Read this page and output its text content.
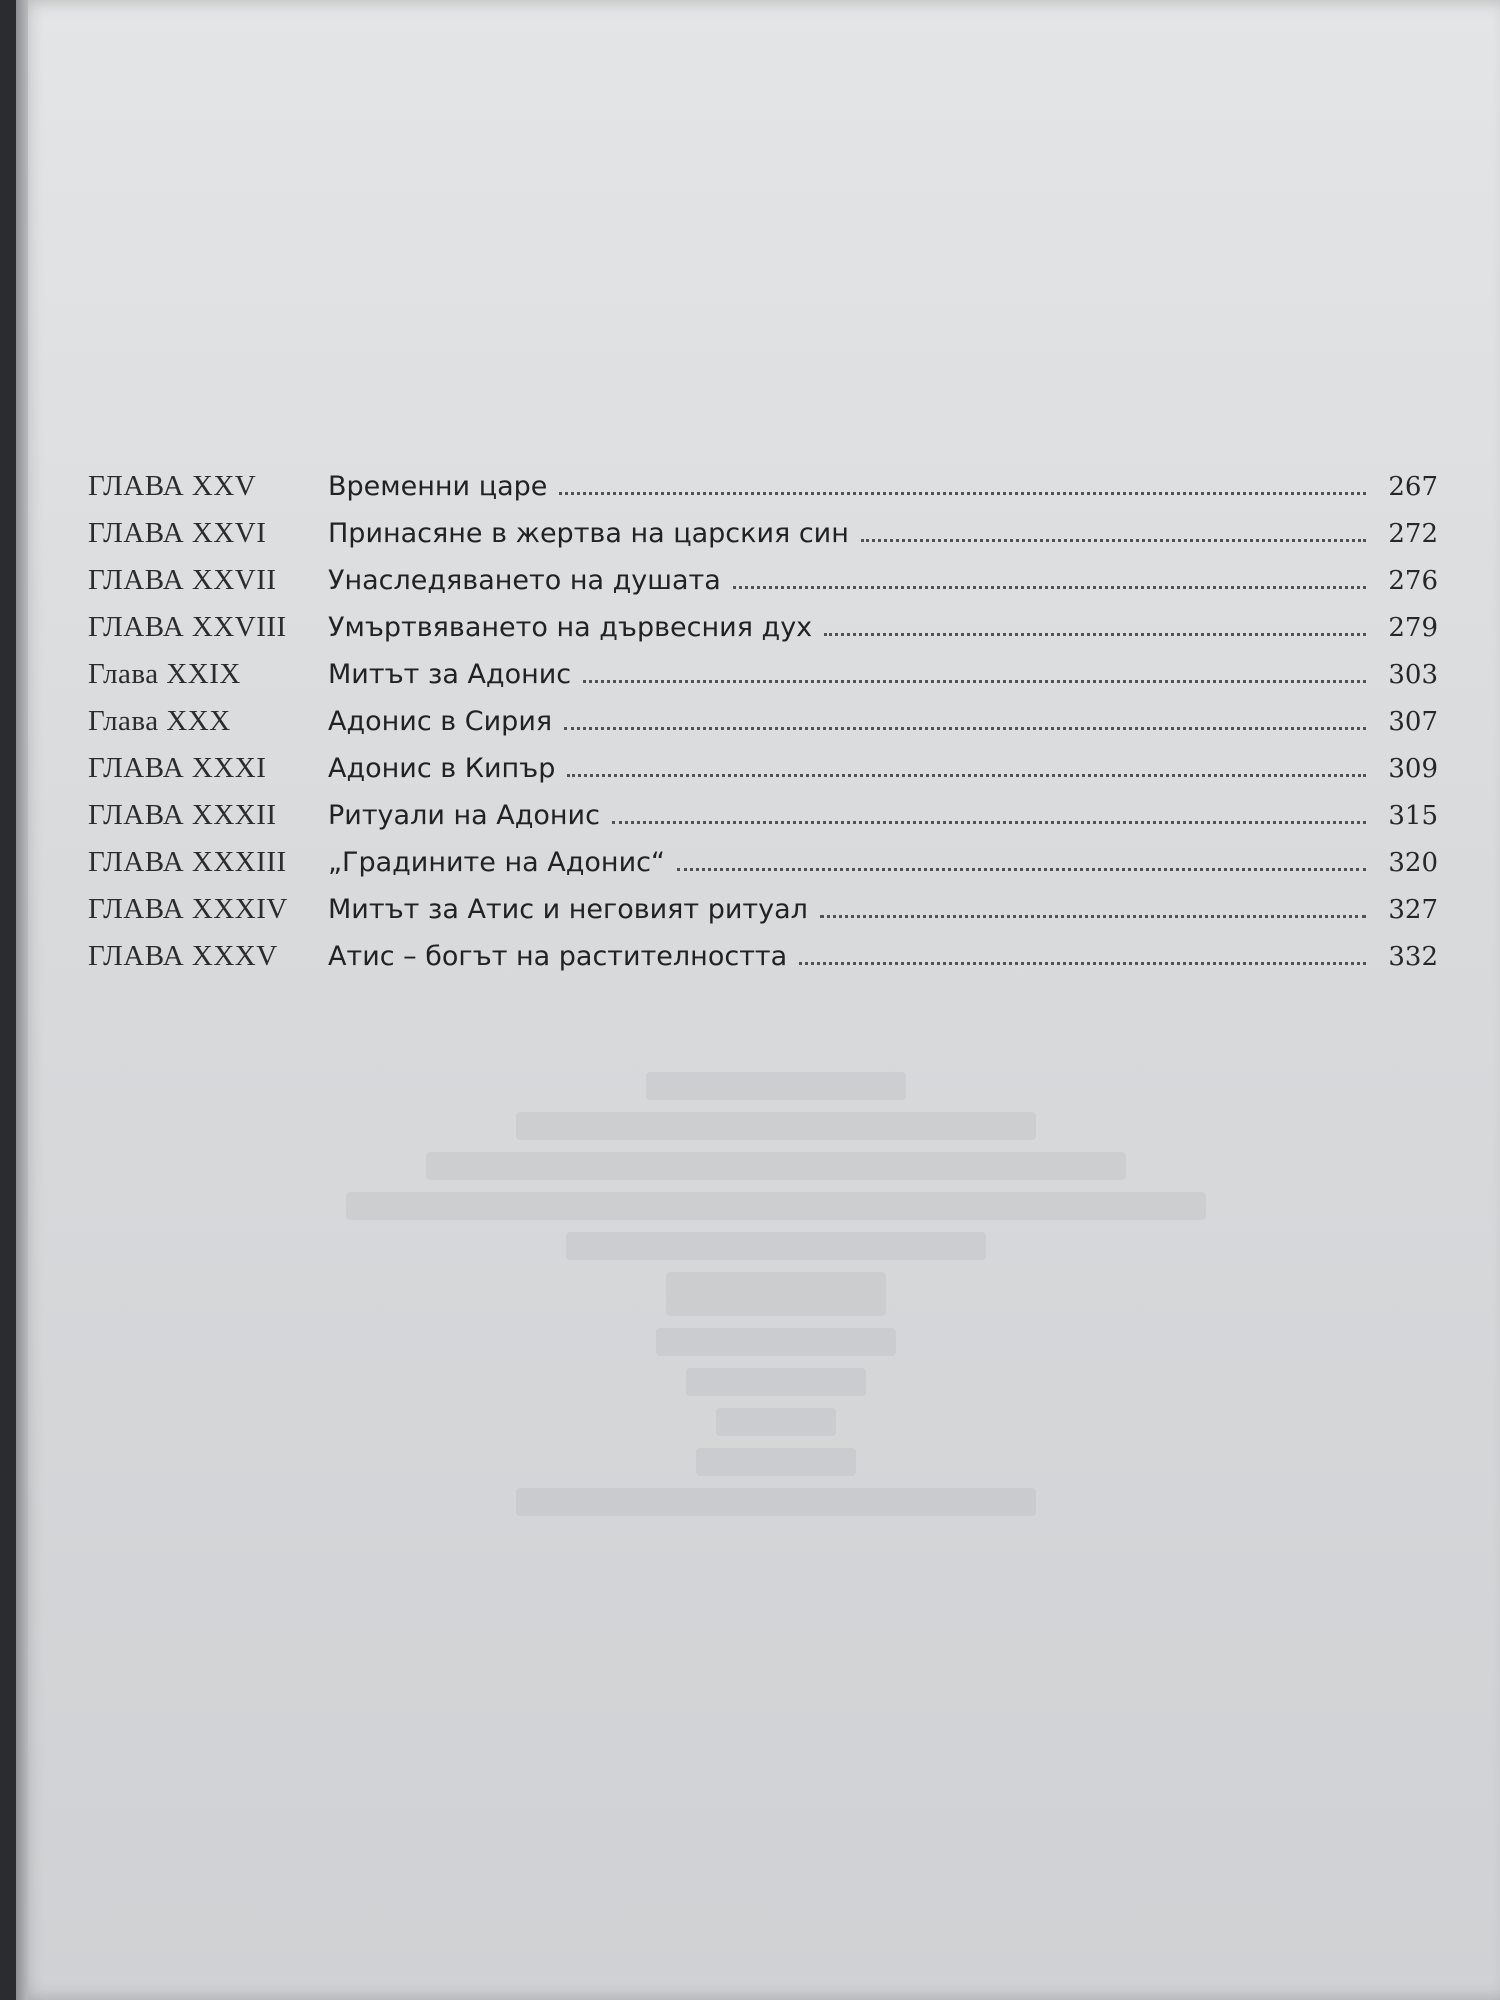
ГЛАВА XXV	Временни царе	267
ГЛАВА XXVI	Принасяне в жертва на царския син	272
ГЛАВА XXVII	Унаследяването на душата	276
ГЛАВА XXVIII	Умъртвяването на дървесния дух	279
Глава XXIX	Митът за Адонис	303
Глава XXX	Адонис в Сирия	307
ГЛАВА XXXI	Адонис в Кипър	309
ГЛАВА XXXII	Ритуали на Адонис	315
ГЛАВА XXXIII	„Градините на Адонис“	320
ГЛАВА XXXIV	Митът за Атис и неговият ритуал	327
ГЛАВА XXXV	Атис – богът на растителността	332
